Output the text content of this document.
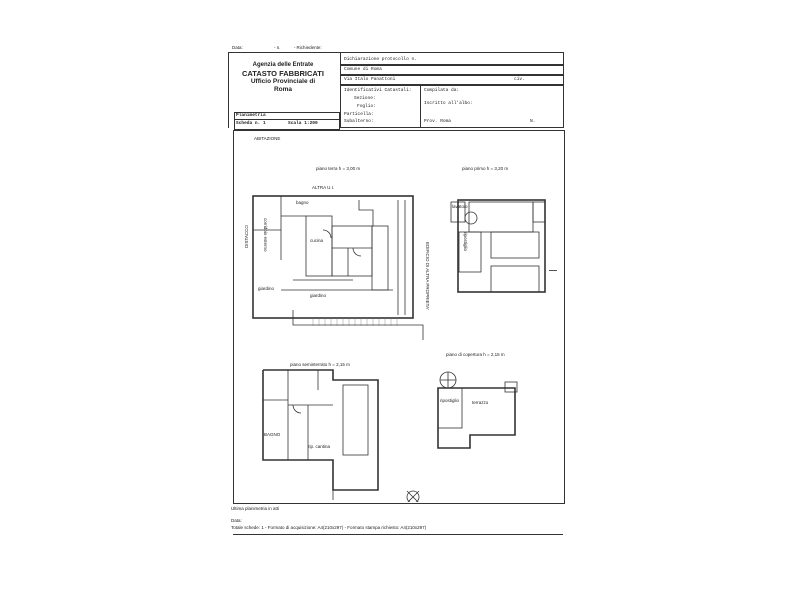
Data:	- n.	- Richiedente:
Agenzia delle Entrate
CATASTO FABBRICATI
Ufficio Provinciale di
Roma
Dichiarazione protocollo n.
Comune di Roma
Via Italo Panattoni	civ.
Identificativi Catastali:
Sezione:
Foglio:
Particella:
Subalterno:
Compilata da:
Iscritto all'albo:
Prov. Roma	N.
Planimetria
Scheda n. 1	Scala 1:200
ABITAZIONE
piano terra h = 3,00 m	piano primo h = 3,20 m
ALTRA U.I.
bagno
cucina
giardino
giardino
corridoio esterno
EDIFICIO DI ALTRA PROPRIETA'
DISTACCO	ripostiglio
lavatoio
piano seminterrato h = 2,15 m
piano di copertura h = 2,15 m
BAGNO
rip. cantina
terrazzo
ripostiglio
Ultima planimetria in atti
Data:
Totale schede: 1 - Formato di acquisizione: A4(210x297) - Formato stampa richiesto: A4(210x297)
